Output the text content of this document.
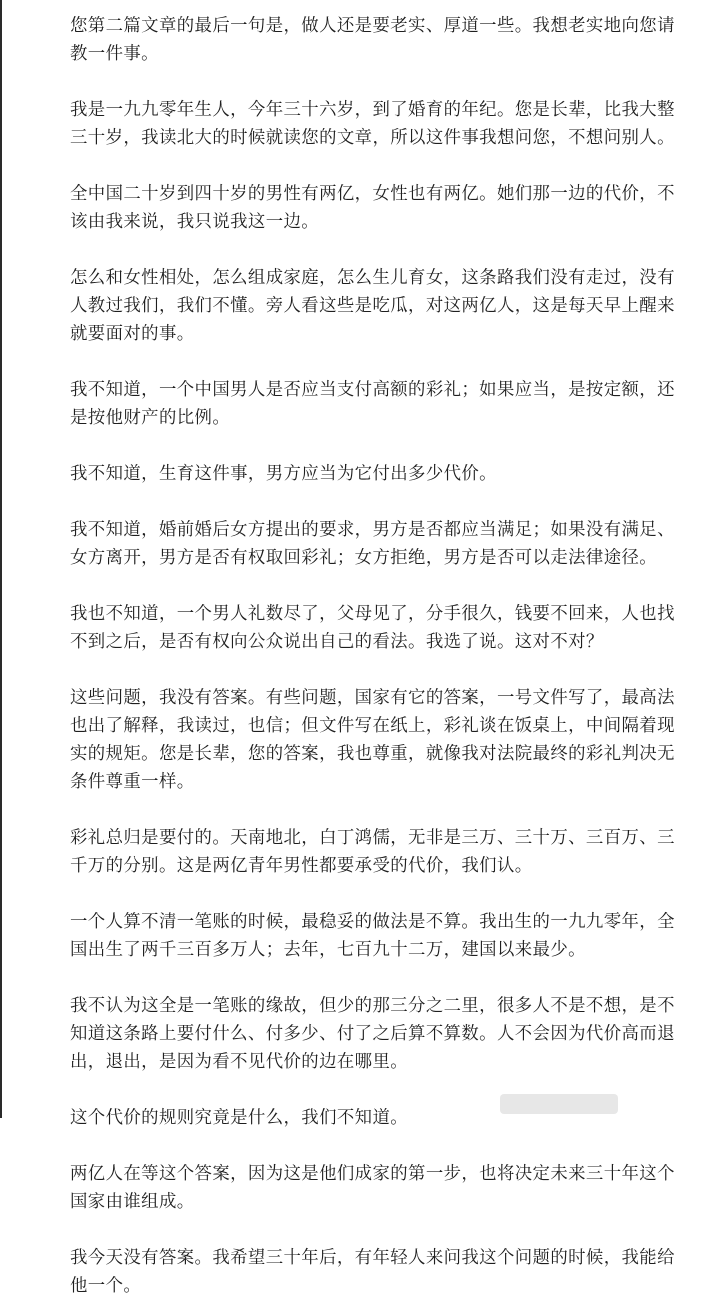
您第二篇文章的最后一句是，做人还是要老实、厚道一些。我想老实地向您请教一件事。

我是一九九零年生人，今年三十六岁，到了婚育的年纪。您是长辈，比我大整三十岁，我读北大的时候就读您的文章，所以这件事我想问您，不想问别人。

全中国二十岁到四十岁的男性有两亿，女性也有两亿。她们那一边的代价，不该由我来说，我只说我这一边。

怎么和女性相处，怎么组成家庭，怎么生儿育女，这条路我们没有走过，没有人教过我们，我们不懂。旁人看这些是吃瓜，对这两亿人，这是每天早上醒来就要面对的事。

我不知道，一个中国男人是否应当支付高额的彩礼；如果应当，是按定额，还是按他财产的比例。

我不知道，生育这件事，男方应当为它付出多少代价。

我不知道，婚前婚后女方提出的要求，男方是否都应当满足；如果没有满足、女方离开，男方是否有权取回彩礼；女方拒绝，男方是否可以走法律途径。

我也不知道，一个男人礼数尽了，父母见了，分手很久，钱要不回来，人也找不到之后，是否有权向公众说出自己的看法。我选了说。这对不对？

这些问题，我没有答案。有些问题，国家有它的答案，一号文件写了，最高法也出了解释，我读过，也信；但文件写在纸上，彩礼谈在饭桌上，中间隔着现实的规矩。您是长辈，您的答案，我也尊重，就像我对法院最终的彩礼判决无条件尊重一样。

彩礼总归是要付的。天南地北，白丁鸿儒，无非是三万、三十万、三百万、三千万的分别。这是两亿青年男性都要承受的代价，我们认。

一个人算不清一笔账的时候，最稳妥的做法是不算。我出生的一九九零年，全国出生了两千三百多万人；去年，七百九十二万，建国以来最少。

我不认为这全是一笔账的缘故，但少的那三分之二里，很多人不是不想，是不知道这条路上要付什么、付多少、付了之后算不算数。人不会因为代价高而退出，退出，是因为看不见代价的边在哪里。

这个代价的规则究竟是什么，我们不知道。

两亿人在等这个答案，因为这是他们成家的第一步，也将决定未来三十年这个国家由谁组成。

我今天没有答案。我希望三十年后，有年轻人来问我这个问题的时候，我能给他一个。
